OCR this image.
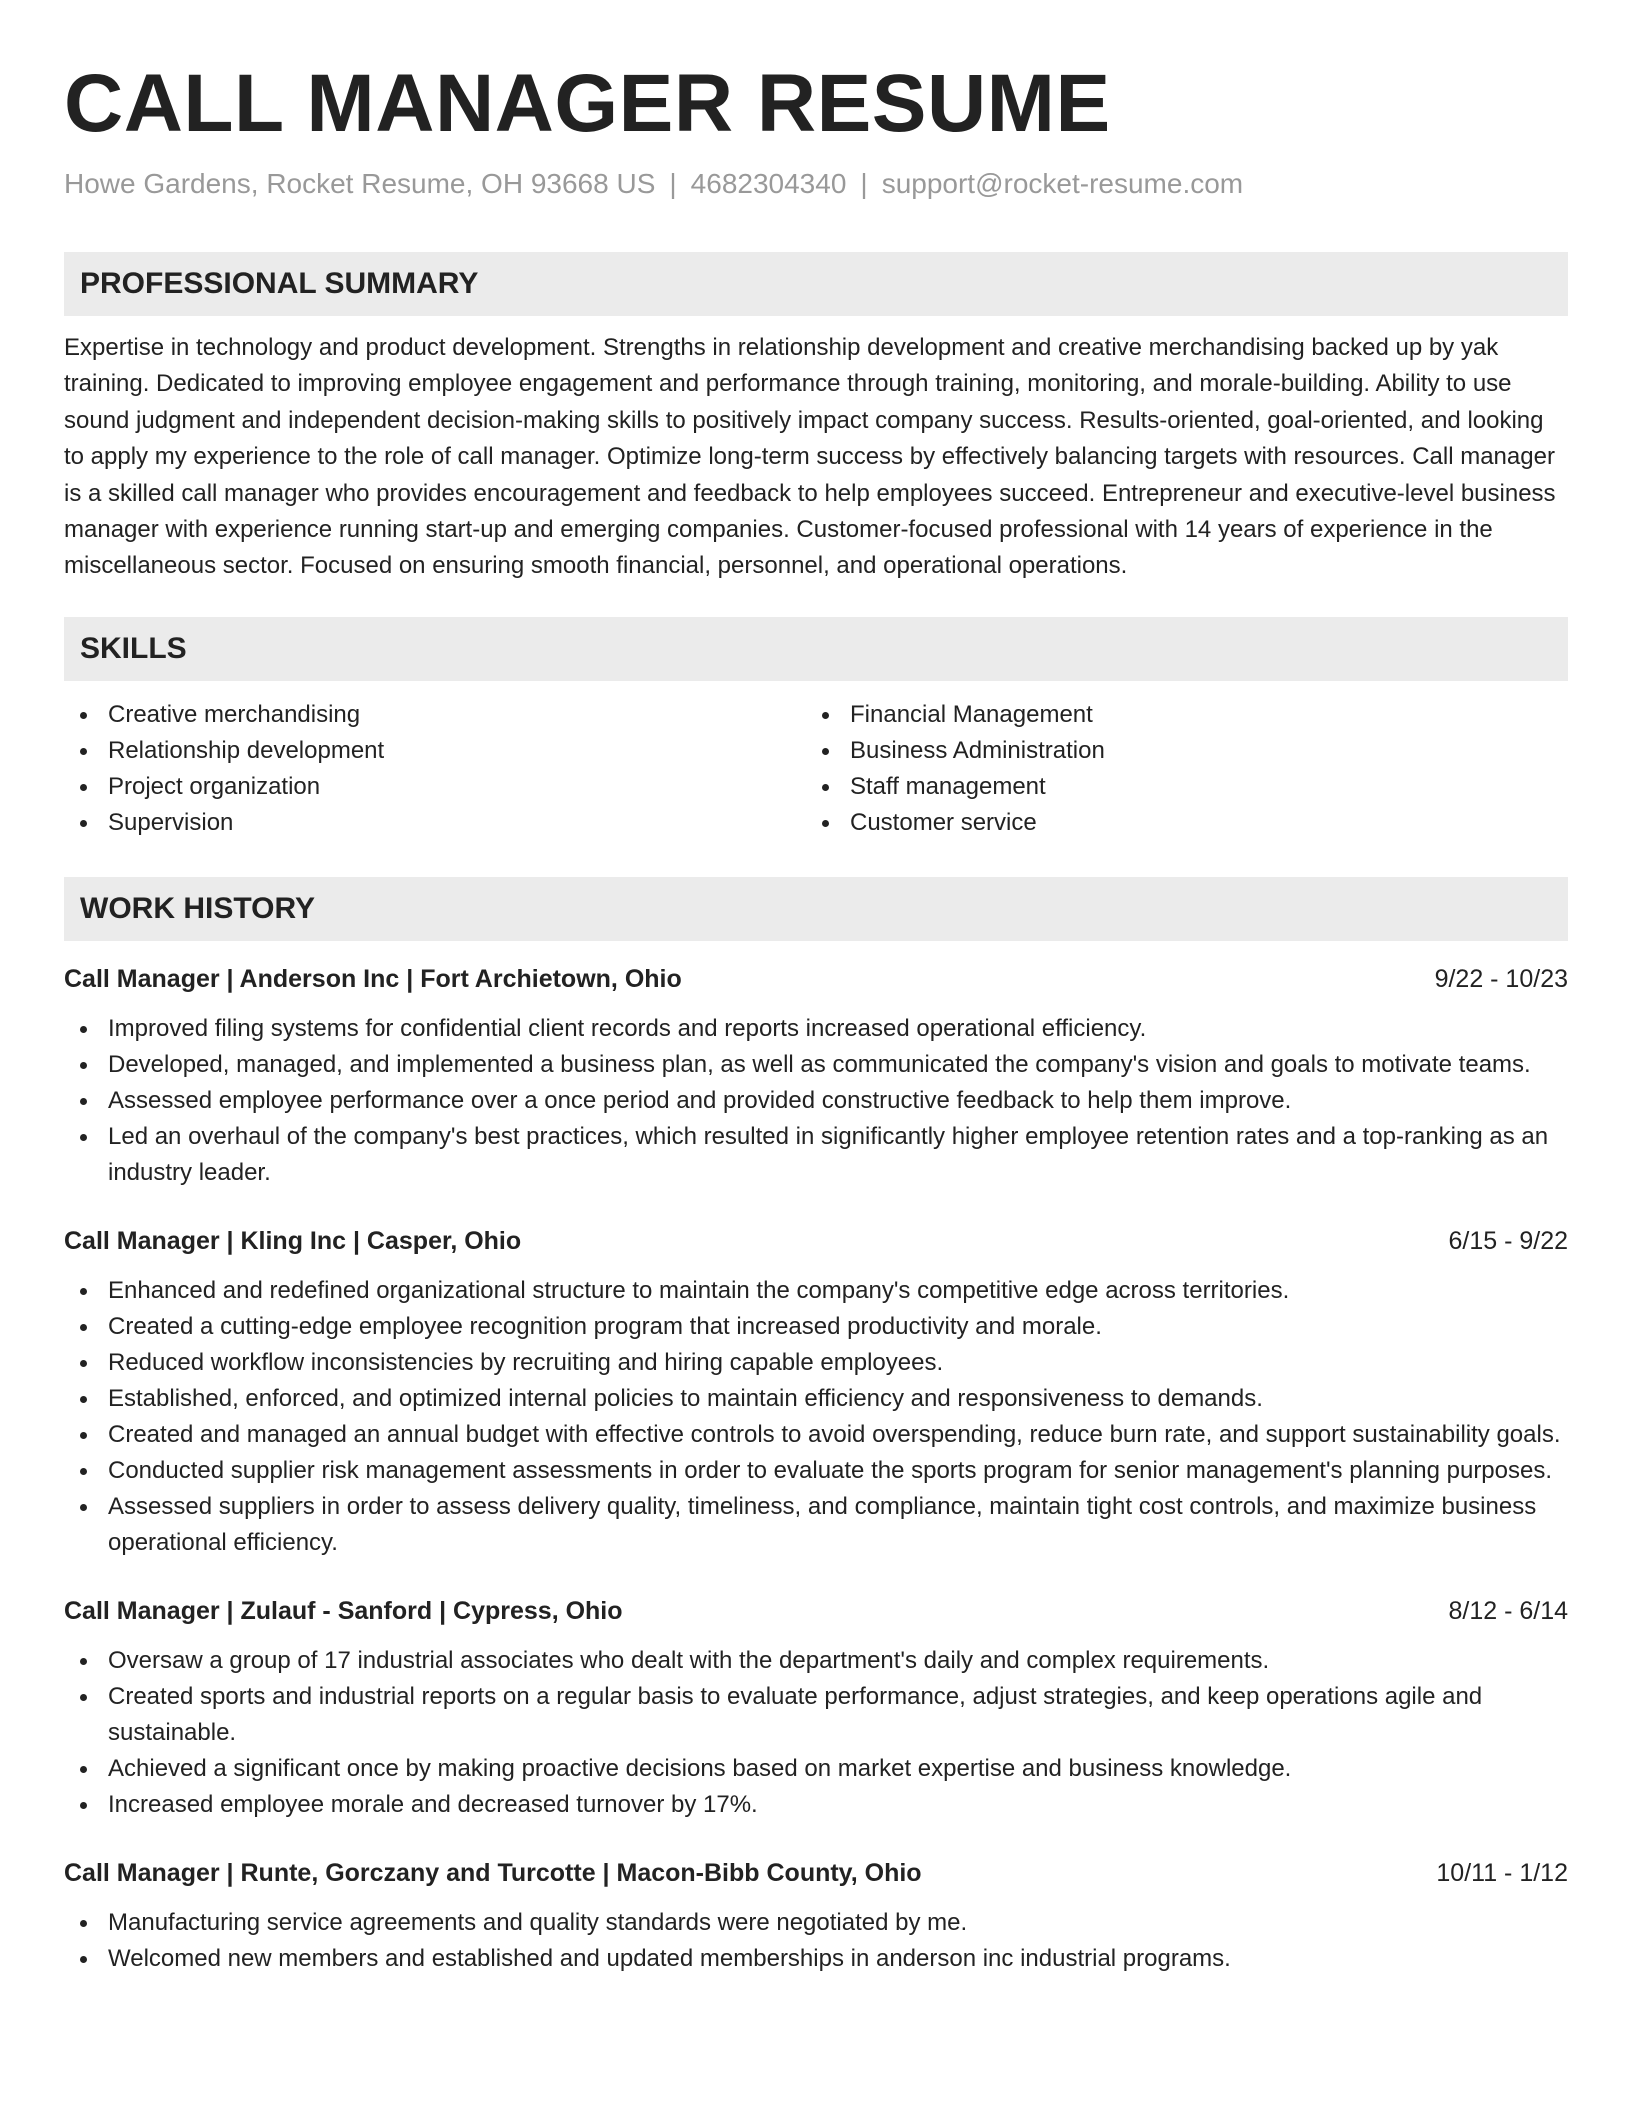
CALL MANAGER RESUME
Howe Gardens, Rocket Resume, OH 93668 US | 4682304340 | support@rocket-resume.com
PROFESSIONAL SUMMARY
Expertise in technology and product development. Strengths in relationship development and creative merchandising backed up by yak training. Dedicated to improving employee engagement and performance through training, monitoring, and morale-building. Ability to use sound judgment and independent decision-making skills to positively impact company success. Results-oriented, goal-oriented, and looking to apply my experience to the role of call manager. Optimize long-term success by effectively balancing targets with resources. Call manager is a skilled call manager who provides encouragement and feedback to help employees succeed. Entrepreneur and executive-level business manager with experience running start-up and emerging companies. Customer-focused professional with 14 years of experience in the miscellaneous sector. Focused on ensuring smooth financial, personnel, and operational operations.
SKILLS
Creative merchandising
Relationship development
Project organization
Supervision
Financial Management
Business Administration
Staff management
Customer service
WORK HISTORY
Call Manager | Anderson Inc | Fort Archietown, Ohio	9/22 - 10/23
Improved filing systems for confidential client records and reports increased operational efficiency.
Developed, managed, and implemented a business plan, as well as communicated the company's vision and goals to motivate teams.
Assessed employee performance over a once period and provided constructive feedback to help them improve.
Led an overhaul of the company's best practices, which resulted in significantly higher employee retention rates and a top-ranking as an industry leader.
Call Manager | Kling Inc | Casper, Ohio	6/15 - 9/22
Enhanced and redefined organizational structure to maintain the company's competitive edge across territories.
Created a cutting-edge employee recognition program that increased productivity and morale.
Reduced workflow inconsistencies by recruiting and hiring capable employees.
Established, enforced, and optimized internal policies to maintain efficiency and responsiveness to demands.
Created and managed an annual budget with effective controls to avoid overspending, reduce burn rate, and support sustainability goals.
Conducted supplier risk management assessments in order to evaluate the sports program for senior management's planning purposes.
Assessed suppliers in order to assess delivery quality, timeliness, and compliance, maintain tight cost controls, and maximize business operational efficiency.
Call Manager | Zulauf - Sanford | Cypress, Ohio	8/12 - 6/14
Oversaw a group of 17 industrial associates who dealt with the department's daily and complex requirements.
Created sports and industrial reports on a regular basis to evaluate performance, adjust strategies, and keep operations agile and sustainable.
Achieved a significant once by making proactive decisions based on market expertise and business knowledge.
Increased employee morale and decreased turnover by 17%.
Call Manager | Runte, Gorczany and Turcotte | Macon-Bibb County, Ohio	10/11 - 1/12
Manufacturing service agreements and quality standards were negotiated by me.
Welcomed new members and established and updated memberships in anderson inc industrial programs.
